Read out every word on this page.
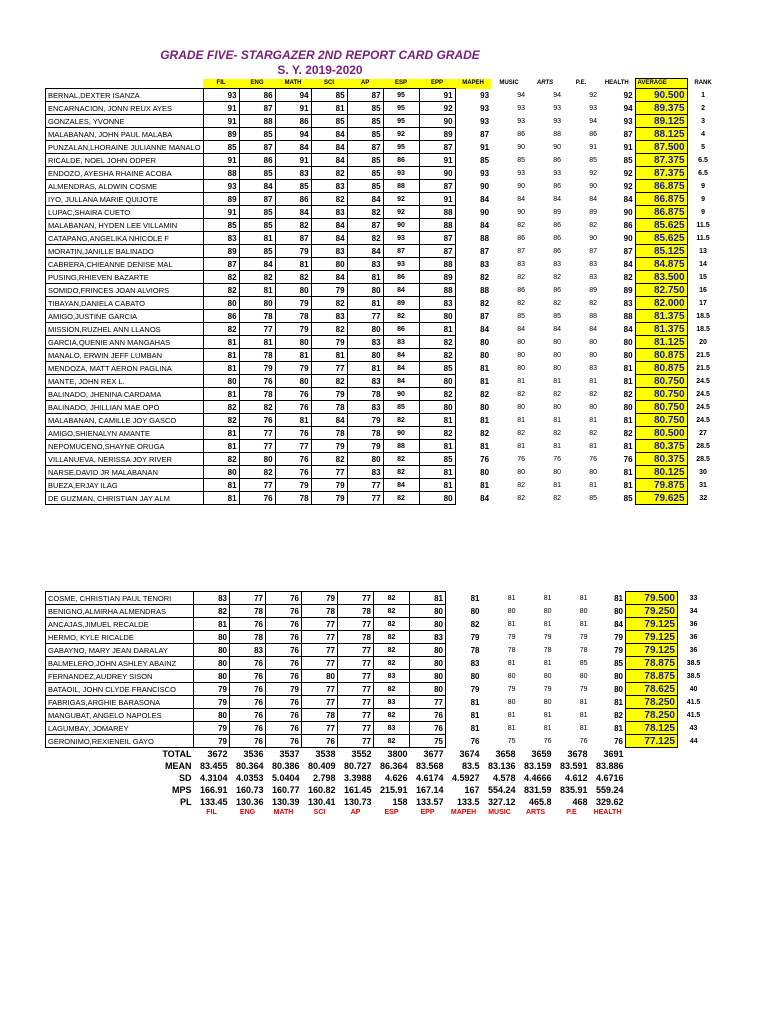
GRADE FIVE- STARGAZER 2ND REPORT CARD GRADE
S. Y. 2019-2020
	FIL	ENG	MATH	SCI	AP	ESP	EPP	MAPEH	MUSIC	ARTS	P.E.	HEALTH	AVERAGE	RANK
BERNAL,DEXTER ISANZA	93	86	94	85	87	95	91	93	94	94	92	92	90.500	1
ENCARNACION, JONN REUX AYES	91	87	91	81	85	95	92	93	93	93	93	94	89.375	2
GONZALES, YVONNE	91	88	86	85	85	95	90	93	93	93	94	93	89.125	3
MALABANAN, JOHN PAUL MALABA	89	85	94	84	85	92	89	87	86	88	86	87	88.125	4
PUNZALAN,LHORAINE JULIANNE MANALO	85	87	84	84	87	95	87	91	90	90	91	91	87.500	5
RICALDE, NOEL JOHN ODPER	91	86	91	84	85	86	91	85	85	86	85	85	87.375	6.5
ENDOZO, AYESHA RHAINE ACOBA	88	85	83	82	85	93	90	93	93	93	92	92	87.375	6.5
ALMENDRAS, ALDWIN COSME	93	84	85	83	85	88	87	90	90	86	90	92	86.875	9
IYO, JULLANA MARIE QUIJOTE	89	87	86	82	84	92	91	84	84	84	84	84	86.875	9
LUPAC,SHAIRA CUETO	91	85	84	83	82	92	88	90	90	89	89	90	86.875	9
MALABANAN, HYDEN LEE VILLAMIN	85	85	82	84	87	90	88	84	82	86	82	86	85.625	11.5
CATAPANG,ANGELIKA NHICOLE F	83	81	87	84	82	93	87	88	86	86	90	90	85.625	11.5
MORATIN,JANILLE BALINADO	89	85	79	83	84	87	87	87	87	86	87	87	85.125	13
CABRERA,CHIEANNE DENISE MAL	87	84	81	80	83	93	88	83	83	83	83	84	84.875	14
PUSING,RHIEVEN BAZARTE	82	82	82	84	81	86	89	82	82	82	83	82	83.500	15
SOMIDO,FRINCES JOAN ALVIORS	82	81	80	79	80	84	88	88	86	86	89	89	82.750	16
TIBAYAN,DANIELA CABATO	80	80	79	82	81	89	83	82	82	82	82	83	82.000	17
AMIGO,JUSTINE GARCIA	86	78	78	83	77	82	80	87	85	85	88	88	81.375	18.5
MISSION,RUZHEL ANN LLANOS	82	77	79	82	80	86	81	84	84	84	84	84	81.375	18.5
GARCIA,QUENIE ANN MANGAHAS	81	81	80	79	83	83	82	80	80	80	80	80	81.125	20
MANALO, ERWIN JEFF LUMBAN	81	78	81	81	80	84	82	80	80	80	80	80	80.875	21.5
MENDOZA, MATT AERON PAGLINA	81	79	79	77	81	84	85	81	80	80	83	81	80.875	21.5
MANTE, JOHN REX L.	80	76	80	82	83	84	80	81	81	81	81	81	80.750	24.5
BALINADO, JHENINA CARDAMA	81	78	76	79	78	90	82	82	82	82	82	82	80.750	24.5
BALINADO, JHILLIAN MAE OPO	82	82	76	78	83	85	80	80	80	80	80	80	80.750	24.5
MALABANAN, CAMILLE JOY GASCO	82	76	81	84	79	82	81	81	81	81	81	81	80.750	24.5
AMIGO,SHIENALYN AMANTE	81	77	76	78	78	90	82	82	82	82	82	82	80.500	27
NEPOMUCENO,SHAYNE ORUGA	81	77	77	79	79	88	81	81	81	81	81	81	80.375	28.5
VILLANUEVA, NERISSA JOY RIVER	82	80	76	82	80	82	85	76	76	76	76	76	80.375	28.5
NARSE,DAVID JR MALABANAN	80	82	76	77	83	82	81	80	80	80	80	81	80.125	30
BUEZA,ERJAY ILAG	81	77	79	79	77	84	81	81	82	81	81	81	79.875	31
DE GUZMAN, CHRISTIAN JAY ALM	81	76	78	79	77	82	80	84	82	82	85	85	79.625	32
COSME, CHRISTIAN PAUL TENORI	83	77	76	79	77	82	81	81	81	81	81	81	79.500	33
BENIGNO,ALMIRHA ALMENDRAS	82	78	76	78	78	82	80	80	80	80	80	80	79.250	34
ANCAJAS,JIMUEL RECALDE	81	76	76	77	77	82	80	82	81	81	81	84	79.125	36
HERMO, KYLE RICALDE	80	78	76	77	78	82	83	79	79	79	79	79	79.125	36
GABAYNO, MARY JEAN DARALAY	80	83	76	77	77	82	80	78	78	78	78	79	79.125	36
BALMELERO,JOHN ASHLEY ABAINZ	80	76	76	77	77	82	80	83	81	81	85	85	78.875	38.5
FERNANDEZ,AUDREY SISON	80	76	76	80	77	83	80	80	80	80	80	80	78.875	38.5
BATAOIL, JOHN CLYDE FRANCISCO	79	76	79	77	77	82	80	79	79	79	79	80	78.625	40
FABRIGAS,ARGHIE BARASONA	79	76	76	77	77	83	77	81	80	80	81	81	78.250	41.5
MANGUBAT, ANGELO NAPOLES	80	76	76	78	77	82	76	81	81	81	81	82	78.250	41.5
LAGUMBAY, JOMAREY	79	76	76	77	77	83	76	81	81	81	81	81	78.125	43
GERONIMO,REXIENEIL GAYO	79	76	76	76	77	82	75	76	75	76	76	76	77.125	44
TOTAL	3672	3536	3537	3538	3552	3800	3677	3674	3658	3659	3678	3691		
MEAN	83.455	80.364	80.386	80.409	80.727	86.364	83.568	83.5	83.136	83.159	83.591	83.886		
SD	4.3104	4.0353	5.0404	2.798	3.3988	4.626	4.6174	4.5927	4.578	4.4666	4.612	4.6716		
MPS	166.91	160.73	160.77	160.82	161.45	215.91	167.14	167	554.24	831.59	835.91	559.24		
PL	133.45	130.36	130.39	130.41	130.73	158	133.57	133.5	327.12	465.8	468	329.62		
	FIL	ENG	MATH	SCI	AP	ESP	EPP	MAPEH	MUSIC	ARTS	P.E	HEALTH		
